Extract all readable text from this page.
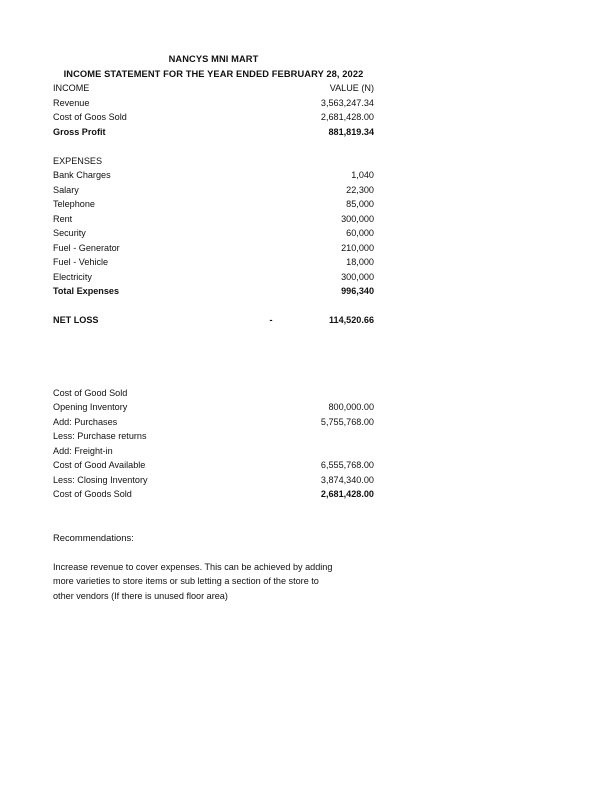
NANCYS MNI MART
INCOME STATEMENT FOR THE YEAR ENDED FEBRUARY 28, 2022
INCOME	VALUE (N)
Revenue	3,563,247.34
Cost of Goos Sold	2,681,428.00
Gross Profit	881,819.34
EXPENSES
Bank Charges	1,040
Salary	22,300
Telephone	85,000
Rent	300,000
Security	60,000
Fuel - Generator	210,000
Fuel - Vehicle	18,000
Electricity	300,000
Total Expenses	996,340
NET LOSS	-	114,520.66
Cost of Good Sold
Opening Inventory	800,000.00
Add: Purchases	5,755,768.00
Less: Purchase returns
Add: Freight-in
Cost of Good Available	6,555,768.00
Less: Closing Inventory	3,874,340.00
Cost of Goods Sold	2,681,428.00
Recommendations:
Increase revenue to cover expenses. This can be achieved by adding
more varieties to store items or sub letting a section of the store to
other vendors (If there is unused floor area)
